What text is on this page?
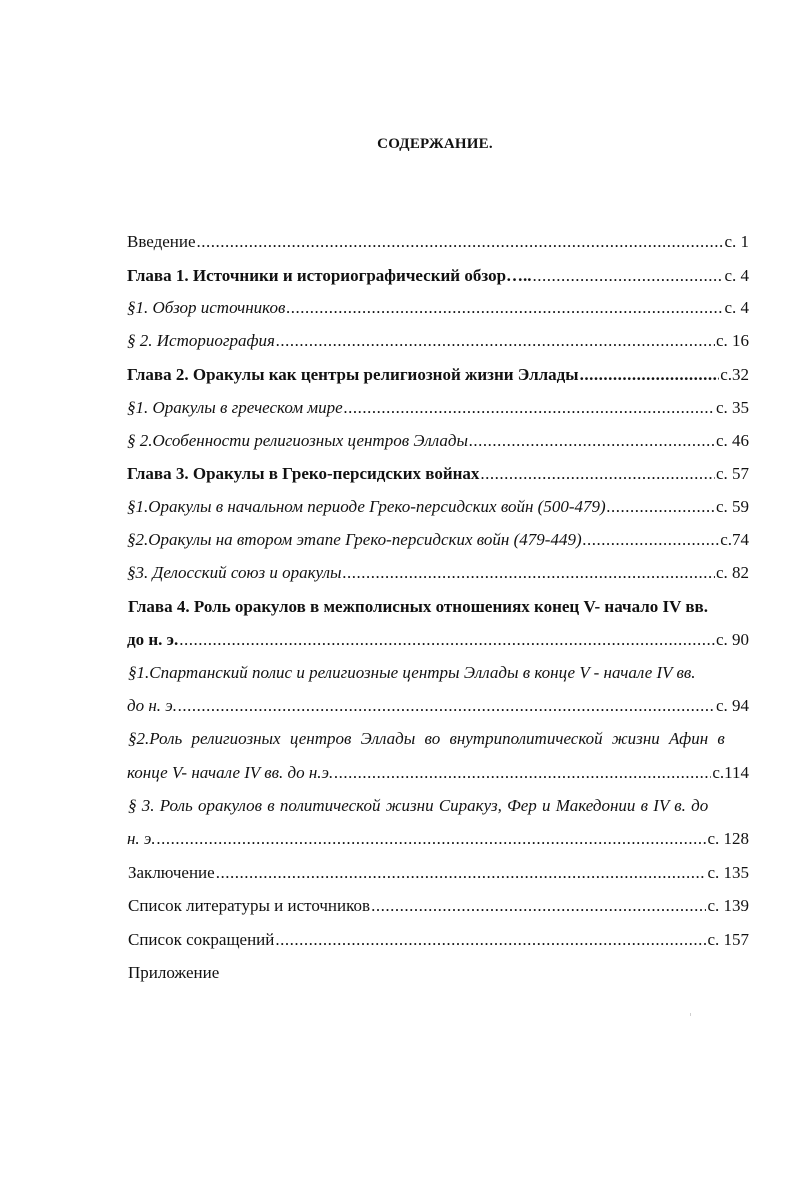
СОДЕРЖАНИЕ.
Введение .....	с. 1
Глава 1. Источники и историографический обзор….. .....	с. 4
§1. Обзор источников .....	с. 4
§ 2. Историография .....	с. 16
Глава 2. Оракулы как центры религиозной жизни Эллады .....	с.32
§1. Оракулы в греческом мире .....	с. 35
§ 2.Особенности религиозных центров Эллады .....	с. 46
Глава 3. Оракулы в Греко-персидских войнах .....	с. 57
§1.Оракулы в начальном периоде Греко-персидских войн (500-479) .....	с. 59
§2.Оракулы на втором этапе Греко-персидских войн (479-449) .....	с.74
§3. Делосский союз и оракулы .....	с. 82
Глава 4. Роль оракулов в межполисных отношениях конец V- начало IV вв.
до н. э. .....	с. 90
§1.Спартанский полис и религиозные центры Эллады в конце V - начале IV вв.
до н. э. .....	с. 94
§2.Роль религиозных центров Эллады во внутриполитической жизни Афин в
конце V- начале IV вв. до н.э. .....	с.114
§ 3. Роль оракулов в политической жизни Сиракуз, Фер и Македонии в IV в. до
н. э. .....	с. 128
Заключение .....	с. 135
Список литературы и источников .....	с. 139
Список сокращений .....	с. 157
Приложение
